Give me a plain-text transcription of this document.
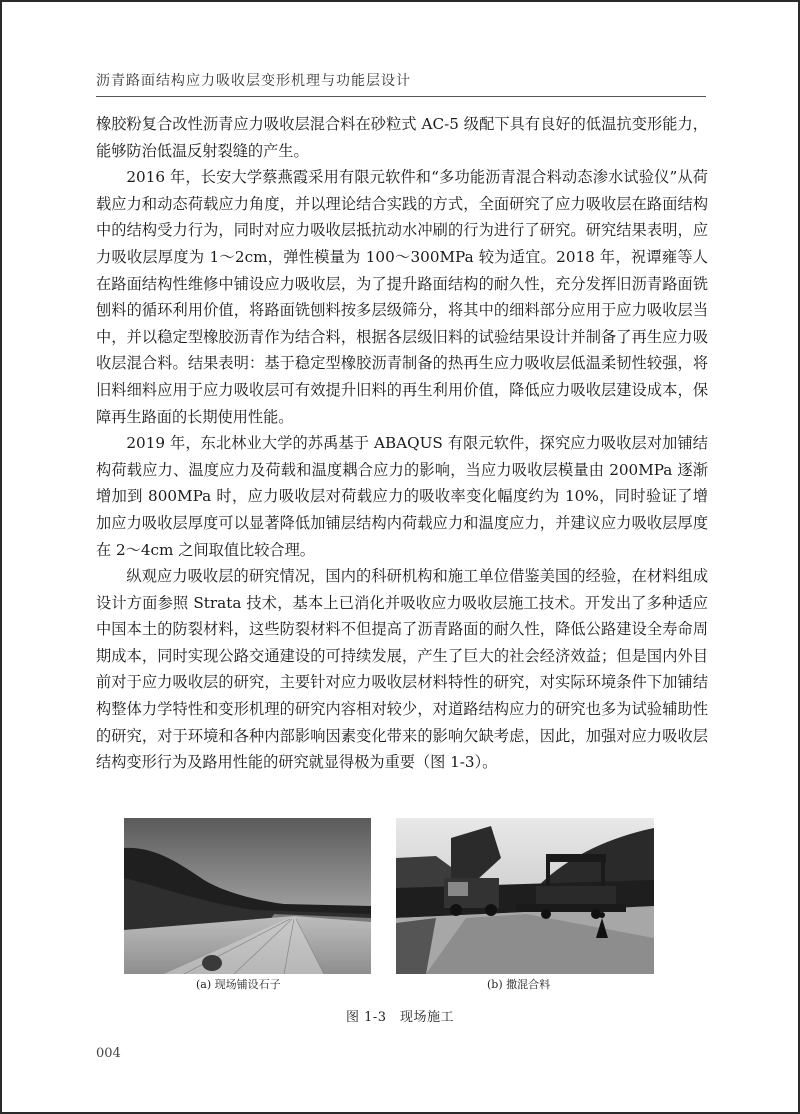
沥青路面结构应力吸收层变形机理与功能层设计

橡胶粉复合改性沥青应力吸收层混合料在砂粒式 AC-5 级配下具有良好的低温抗变形能力，能够防治低温反射裂缝的产生。

2016 年，长安大学蔡燕霞采用有限元软件和“多功能沥青混合料动态渗水试验仪”从荷载应力和动态荷载应力角度，并以理论结合实践的方式，全面研究了应力吸收层在路面结构中的结构受力行为，同时对应力吸收层抵抗动水冲刷的行为进行了研究。研究结果表明，应力吸收层厚度为 1～2cm，弹性模量为 100～300MPa 较为适宜。2018 年，祝谭雍等人在路面结构性维修中铺设应力吸收层，为了提升路面结构的耐久性，充分发挥旧沥青路面铣刨料的循环利用价值，将路面铣刨料按多层级筛分，将其中的细料部分应用于应力吸收层当中，并以稳定型橡胶沥青作为结合料，根据各层级旧料的试验结果设计并制备了再生应力吸收层混合料。结果表明：基于稳定型橡胶沥青制备的热再生应力吸收层低温柔韧性较强，将旧料细料应用于应力吸收层可有效提升旧料的再生利用价值，降低应力吸收层建设成本，保障再生路面的长期使用性能。

2019 年，东北林业大学的苏禹基于 ABAQUS 有限元软件，探究应力吸收层对加铺结构荷载应力、温度应力及荷载和温度耦合应力的影响，当应力吸收层模量由 200MPa 逐渐增加到 800MPa 时，应力吸收层对荷载应力的吸收率变化幅度约为 10%，同时验证了增加应力吸收层厚度可以显著降低加铺层结构内荷载应力和温度应力，并建议应力吸收层厚度在 2～4cm 之间取值比较合理。

纵观应力吸收层的研究情况，国内的科研机构和施工单位借鉴美国的经验，在材料组成设计方面参照 Strata 技术，基本上已消化并吸收应力吸收层施工技术。开发出了多种适应中国本土的防裂材料，这些防裂材料不但提高了沥青路面的耐久性，降低公路建设全寿命周期成本，同时实现公路交通建设的可持续发展，产生了巨大的社会经济效益；但是国内外目前对于应力吸收层的研究，主要针对应力吸收层材料特性的研究，对实际环境条件下加铺结构整体力学特性和变形机理的研究内容相对较少，对道路结构应力的研究也多为试验辅助性的研究，对于环境和各种内部影响因素变化带来的影响欠缺考虑，因此，加强对应力吸收层结构变形行为及路用性能的研究就显得极为重要（图 1-3）。

(a) 现场铺设石子	(b) 撒混合料
图 1-3　现场施工
004
